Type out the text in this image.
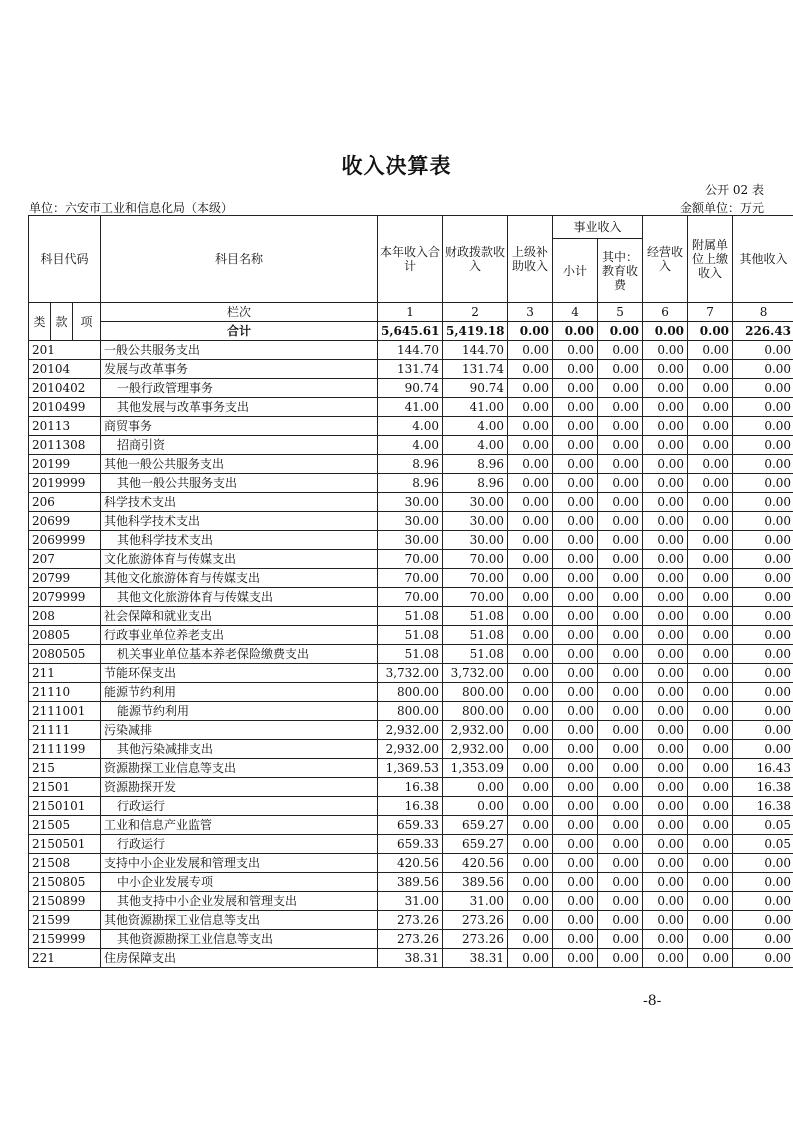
收入决算表
公开 02 表
单位：六安市工业和信息化局（本级）	金额单位：万元
科目代码			科目名称	本年收入合计	财政拨款收入	上级补助收入	事业收入		经营收入	附属单位上缴收入	其他收入
							小计	其中：教育收费			

类	款	项	栏次	1	2	3	4	5	6	7	8
			合计	5,645.61	5,419.18	0.00	0.00	0.00	0.00	0.00	226.43
201			一般公共服务支出	144.70	144.70	0.00	0.00	0.00	0.00	0.00	0.00
20104			发展与改革事务	131.74	131.74	0.00	0.00	0.00	0.00	0.00	0.00
2010402			一般行政管理事务	90.74	90.74	0.00	0.00	0.00	0.00	0.00	0.00
2010499			其他发展与改革事务支出	41.00	41.00	0.00	0.00	0.00	0.00	0.00	0.00
20113			商贸事务	4.00	4.00	0.00	0.00	0.00	0.00	0.00	0.00
2011308			招商引资	4.00	4.00	0.00	0.00	0.00	0.00	0.00	0.00
20199			其他一般公共服务支出	8.96	8.96	0.00	0.00	0.00	0.00	0.00	0.00
2019999			其他一般公共服务支出	8.96	8.96	0.00	0.00	0.00	0.00	0.00	0.00
206			科学技术支出	30.00	30.00	0.00	0.00	0.00	0.00	0.00	0.00
20699			其他科学技术支出	30.00	30.00	0.00	0.00	0.00	0.00	0.00	0.00
2069999			其他科学技术支出	30.00	30.00	0.00	0.00	0.00	0.00	0.00	0.00
207			文化旅游体育与传媒支出	70.00	70.00	0.00	0.00	0.00	0.00	0.00	0.00
20799			其他文化旅游体育与传媒支出	70.00	70.00	0.00	0.00	0.00	0.00	0.00	0.00
2079999			其他文化旅游体育与传媒支出	70.00	70.00	0.00	0.00	0.00	0.00	0.00	0.00
208			社会保障和就业支出	51.08	51.08	0.00	0.00	0.00	0.00	0.00	0.00
20805			行政事业单位养老支出	51.08	51.08	0.00	0.00	0.00	0.00	0.00	0.00
2080505			机关事业单位基本养老保险缴费支出	51.08	51.08	0.00	0.00	0.00	0.00	0.00	0.00
211			节能环保支出	3,732.00	3,732.00	0.00	0.00	0.00	0.00	0.00	0.00
21110			能源节约利用	800.00	800.00	0.00	0.00	0.00	0.00	0.00	0.00
2111001			能源节约利用	800.00	800.00	0.00	0.00	0.00	0.00	0.00	0.00
21111			污染减排	2,932.00	2,932.00	0.00	0.00	0.00	0.00	0.00	0.00
2111199			其他污染减排支出	2,932.00	2,932.00	0.00	0.00	0.00	0.00	0.00	0.00
215			资源勘探工业信息等支出	1,369.53	1,353.09	0.00	0.00	0.00	0.00	0.00	16.43
21501			资源勘探开发	16.38	0.00	0.00	0.00	0.00	0.00	0.00	16.38
2150101			行政运行	16.38	0.00	0.00	0.00	0.00	0.00	0.00	16.38
21505			工业和信息产业监管	659.33	659.27	0.00	0.00	0.00	0.00	0.00	0.05
2150501			行政运行	659.33	659.27	0.00	0.00	0.00	0.00	0.00	0.05
21508			支持中小企业发展和管理支出	420.56	420.56	0.00	0.00	0.00	0.00	0.00	0.00
2150805			中小企业发展专项	389.56	389.56	0.00	0.00	0.00	0.00	0.00	0.00
2150899			其他支持中小企业发展和管理支出	31.00	31.00	0.00	0.00	0.00	0.00	0.00	0.00
21599			其他资源勘探工业信息等支出	273.26	273.26	0.00	0.00	0.00	0.00	0.00	0.00
2159999			其他资源勘探工业信息等支出	273.26	273.26	0.00	0.00	0.00	0.00	0.00	0.00
221			住房保障支出	38.31	38.31	0.00	0.00	0.00	0.00	0.00	0.00
-8-
